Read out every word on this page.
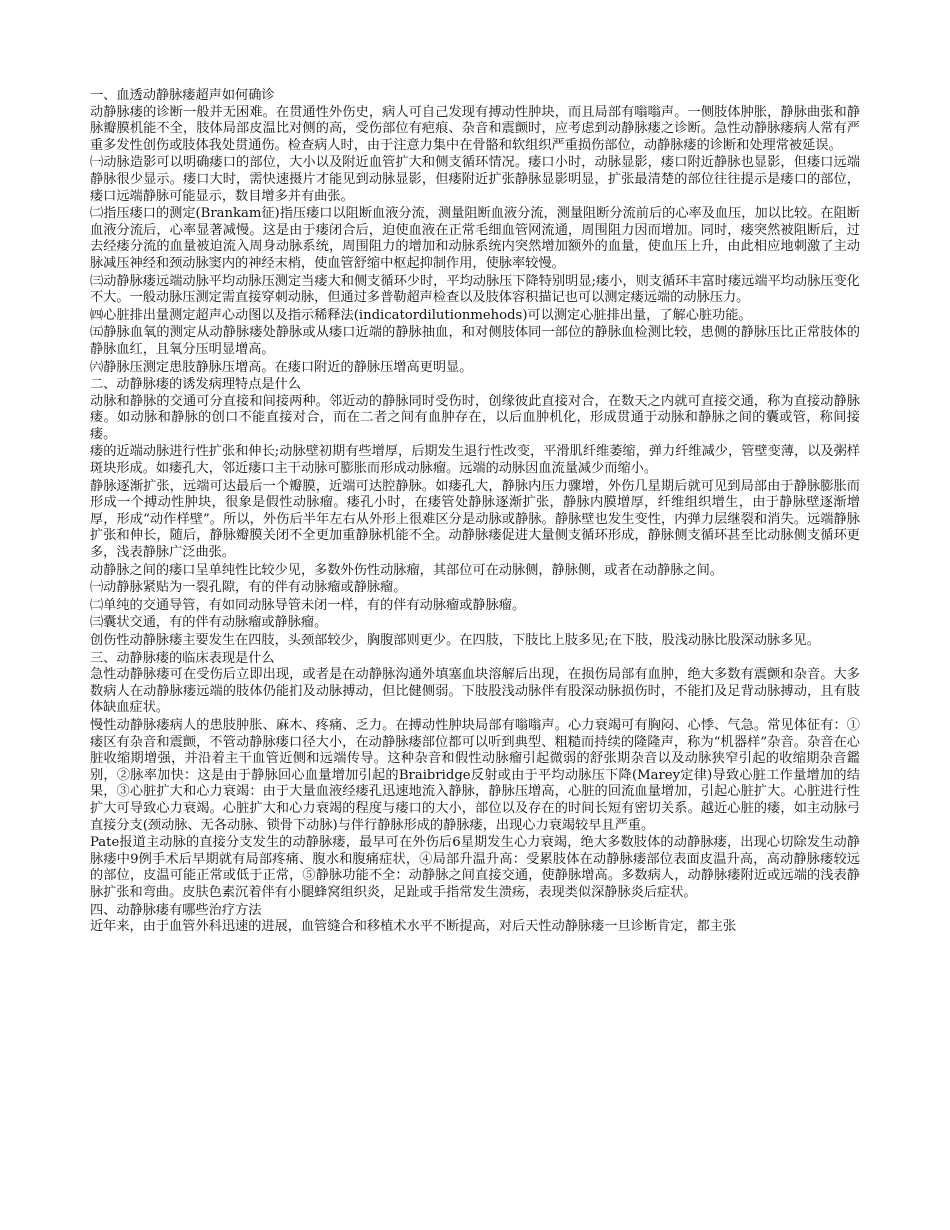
一、血透动静脉瘘超声如何确诊

动静脉瘘的诊断一般并无困难。在贯通性外伤史，病人可自己发现有搏动性肿块，而且局部有嗡嗡声。一侧肢体肿胀，静脉曲张和静脉瓣膜机能不全，肢体局部皮温比对侧的高，受伤部位有疤痕、杂音和震颤时，应考虑到动静脉瘘之诊断。急性动静脉瘘病人常有严重多发性创伤或肢体我处贯通伤。检查病人时，由于注意力集中在骨骼和软组织严重损伤部位，动静脉瘘的诊断和处理常被延误。

㈠动脉造影可以明确瘘口的部位，大小以及附近血管扩大和侧支循环情况。瘘口小时，动脉显影，瘘口附近静脉也显影，但瘘口远端静脉很少显示。瘘口大时，需快速摄片才能见到动脉显影，但瘘附近扩张静脉显影明显，扩张最清楚的部位往往提示是瘘口的部位，瘘口远端静脉可能显示，数目增多并有曲张。

㈡指压瘘口的测定(Brankam征)指压瘘口以阻断血液分流，测量阻断血液分流，测量阻断分流前后的心率及血压，加以比较。在阻断血液分流后，心率显著减慢。这是由于瘘闭合后，迫使血液在正常毛细血管网流通，周围阻力因而增加。同时，瘘突然被阻断后，过去经瘘分流的血量被迫流入周身动脉系统，周围阻力的增加和动脉系统内突然增加额外的血量，使血压上升，由此相应地刺激了主动脉减压神经和颈动脉窦内的神经末梢，使血管舒缩中枢起抑制作用，使脉率较慢。

㈢动静脉瘘远端动脉平均动脉压测定当瘘大和侧支循环少时，平均动脉压下降特别明显;瘘小，则支循环丰富时瘘远端平均动脉压变化不大。一般动脉压测定需直接穿刺动脉，但通过多普勒超声检查以及肢体容积描记也可以测定瘘远端的动脉压力。

㈣心脏排出量测定超声心动图以及指示稀释法(indicatordilutionmehods)可以测定心脏排出量，了解心脏功能。

㈤静脉血氧的测定从动静脉瘘处静脉或从瘘口近端的静脉抽血，和对侧肢体同一部位的静脉血检测比较，患侧的静脉压比正常肢体的静脉血红，且氧分压明显增高。

㈥静脉压测定患肢静脉压增高。在瘘口附近的静脉压增高更明显。

二、动静脉瘘的诱发病理特点是什么

动脉和静脉的交通可分直接和间接两种。邻近动的静脉同时受伤时，创缘彼此直接对合，在数天之内就可直接交通，称为直接动静脉瘘。如动脉和静脉的创口不能直接对合，而在二者之间有血肿存在，以后血肿机化，形成贯通于动脉和静脉之间的囊或管，称间接瘘。

瘘的近端动脉进行性扩张和伸长;动脉壁初期有些增厚，后期发生退行性改变，平滑肌纤维萎缩，弹力纤维减少，管壁变薄，以及粥样斑块形成。如瘘孔大，邻近瘘口主干动脉可膨胀而形成动脉瘤。远端的动脉因血流量减少而缩小。

静脉逐渐扩张，远端可达最后一个瓣膜，近端可达腔静脉。如瘘孔大，静脉内压力骤增，外伤几星期后就可见到局部由于静脉膨胀而形成一个搏动性肿块，很象是假性动脉瘤。瘘孔小时，在瘘管处静脉逐渐扩张，静脉内膜增厚，纤维组织增生，由于静脉壁逐渐增厚，形成“动作样壁”。所以，外伤后半年左右从外形上很难区分是动脉或静脉。静脉壁也发生变性，内弹力层继裂和消失。远端静脉扩张和伸长，随后，静脉瓣膜关闭不全更加重静脉机能不全。动静脉瘘促进大量侧支循环形成，静脉侧支循环甚至比动脉侧支循环更多，浅表静脉广泛曲张。

动静脉之间的瘘口呈单纯性比较少见，多数外伤性动脉瘤，其部位可在动脉侧，静脉侧，或者在动静脉之间。

㈠动静脉紧贴为一裂孔隙，有的伴有动脉瘤或静脉瘤。

㈡单纯的交通导管，有如同动脉导管未闭一样，有的伴有动脉瘤或静脉瘤。

㈢囊状交通，有的伴有动脉瘤或静脉瘤。

创伤性动静脉瘘主要发生在四肢，头颈部较少，胸腹部则更少。在四肢，下肢比上肢多见;在下肢，股浅动脉比股深动脉多见。

三、动静脉瘘的临床表现是什么

急性动静脉瘘可在受伤后立即出现，或者是在动静脉沟通外填塞血块溶解后出现，在损伤局部有血肿，绝大多数有震颤和杂音。大多数病人在动静脉瘘远端的肢体仍能扪及动脉搏动，但比健侧弱。下肢股浅动脉伴有股深动脉损伤时，不能扪及足背动脉搏动，且有肢体缺血症状。

慢性动静脉瘘病人的患肢肿胀、麻木、疼痛、乏力。在搏动性肿块局部有嗡嗡声。心力衰竭可有胸闷、心悸、气急。常见体征有：①瘘区有杂音和震颤，不管动静脉瘘口径大小，在动静脉瘘部位都可以听到典型、粗糙而持续的隆隆声，称为“机器样”杂音。杂音在心脏收缩期增强，并沿着主干血管近侧和远端传导。这种杂音和假性动脉瘤引起微弱的舒张期杂音以及动脉狭窄引起的收缩期杂音鑑别，②脉率加快：这是由于静脉回心血量增加引起的Braibridge反射或由于平均动脉压下降(Marey定律)导致心脏工作量增加的结果，③心脏扩大和心力衰竭：由于大量血液经瘘孔迅速地流入静脉，静脉压增高，心脏的回流血量增加，引起心脏扩大。心脏进行性扩大可导致心力衰竭。心脏扩大和心力衰竭的程度与瘘口的大小，部位以及存在的时间长短有密切关系。越近心脏的瘘，如主动脉弓直接分支(颈动脉、无各动脉、锁骨下动脉)与伴行静脉形成的静脉瘘，出现心力衰竭较早且严重。

Pate报道主动脉的直接分支发生的动静脉瘘，最早可在外伤后6星期发生心力衰竭，绝大多数肢体的动静脉瘘，出现心切除发生动静脉瘘中9例手术后早期就有局部疼痛、腹水和腹痛症状，④局部升温升高：受累肢体在动静脉瘘部位表面皮温升高，高动静脉瘘较远的部位，皮温可能正常或低于正常，⑤静脉功能不全：动静脉之间直接交通，使静脉增高。多数病人，动静脉瘘附近或远端的浅表静脉扩张和弯曲。皮肤色素沉着伴有小腿蜂窝组织炎，足趾或手指常发生溃疡，表现类似深静脉炎后症状。

四、动静脉瘘有哪些治疗方法

近年来，由于血管外科迅速的进展，血管缝合和移植术水平不断提高，对后天性动静脉瘘一旦诊断肯定，都主张
